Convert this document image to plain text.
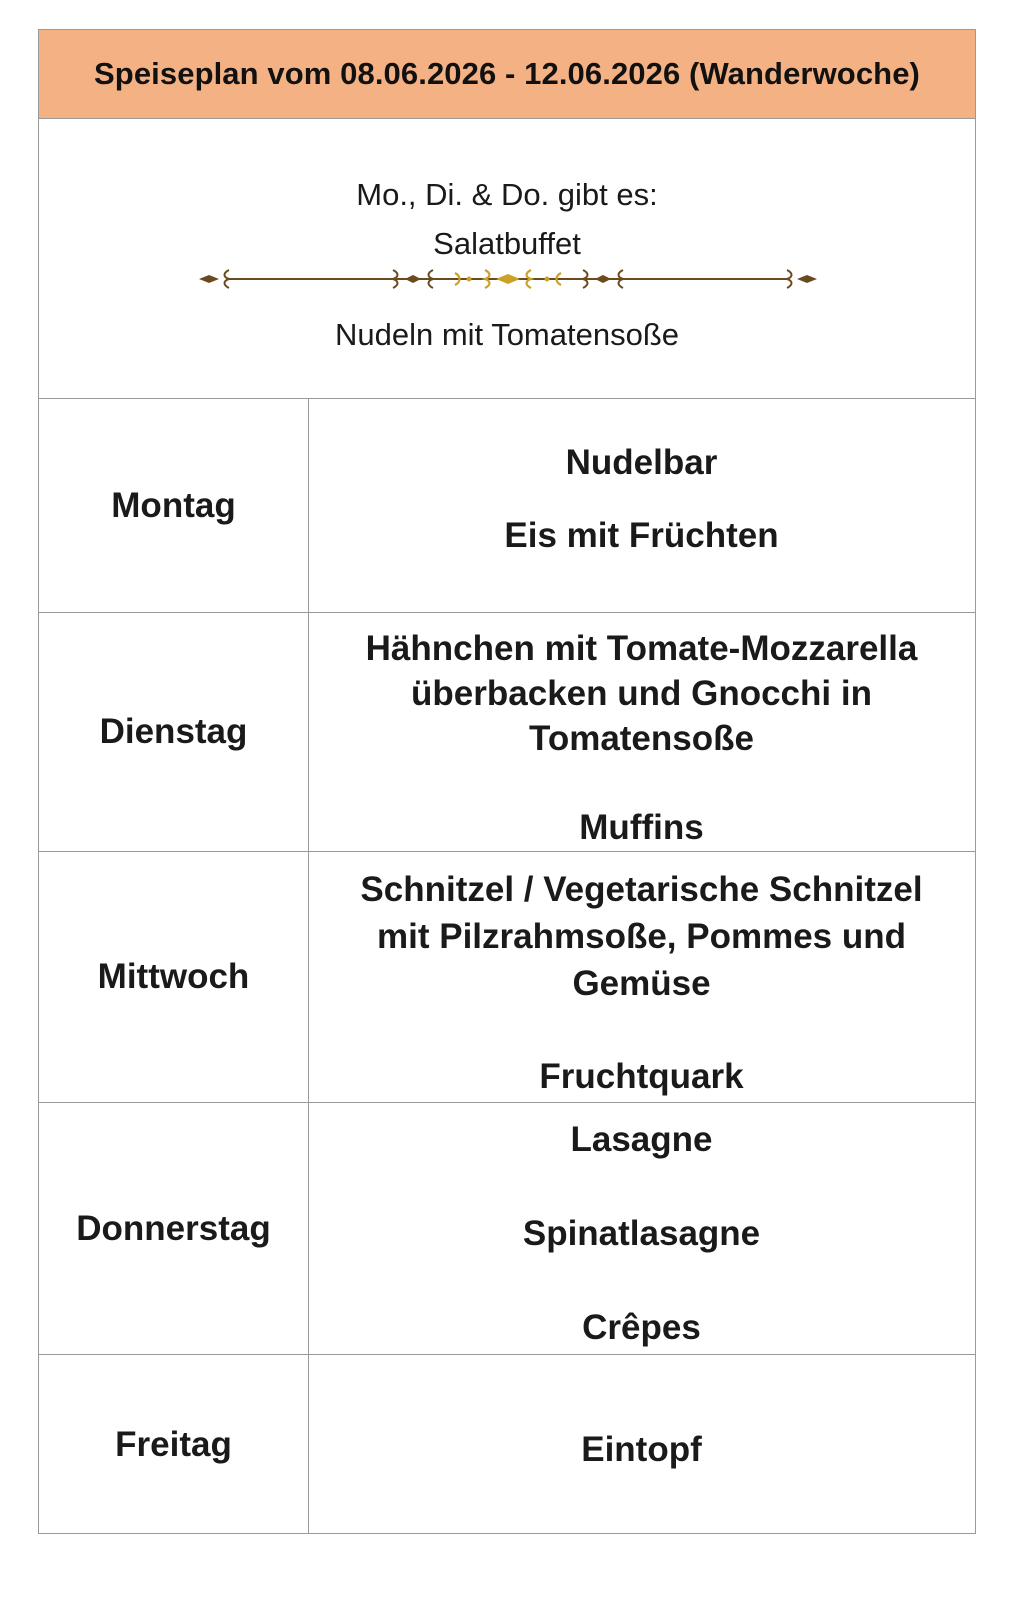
Speiseplan vom 08.06.2026 - 12.06.2026 (Wanderwoche)
Mo., Di. & Do. gibt es:
Salatbuffet
Nudeln mit Tomatensoße
Montag
Nudelbar
Eis mit Früchten
Dienstag
Hähnchen mit Tomate-Mozzarella
überbacken und Gnocchi in
Tomatensoße
Muffins
Mittwoch
Schnitzel / Vegetarische Schnitzel
mit Pilzrahmsoße, Pommes und
Gemüse
Fruchtquark
Donnerstag
Lasagne
Spinatlasagne
Crêpes
Freitag	Eintopf
